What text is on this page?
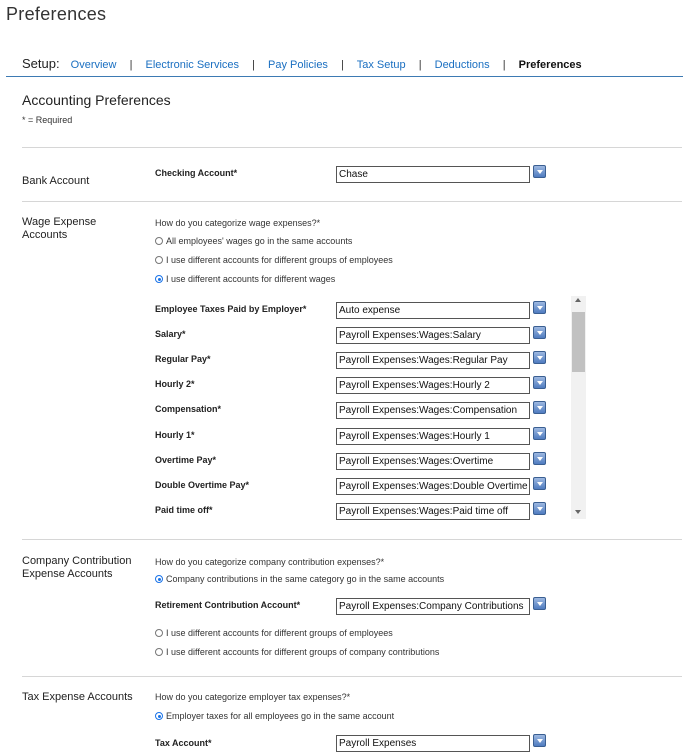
Preferences
Setup: Overview | Electronic Services | Pay Policies | Tax Setup | Deductions | Preferences
Accounting Preferences
* = Required
Bank Account
Checking Account*	Chase
Wage Expense
Accounts
How do you categorize wage expenses?*
All employees' wages go in the same accounts
I use different accounts for different groups of employees
I use different accounts for different wages
Employee Taxes Paid by Employer*	Auto expense
Salary*	Payroll Expenses:Wages:Salary
Regular Pay*	Payroll Expenses:Wages:Regular Pay
Hourly 2*	Payroll Expenses:Wages:Hourly 2
Compensation*	Payroll Expenses:Wages:Compensation
Hourly 1*	Payroll Expenses:Wages:Hourly 1
Overtime Pay*	Payroll Expenses:Wages:Overtime
Double Overtime Pay*	Payroll Expenses:Wages:Double Overtime
Paid time off*	Payroll Expenses:Wages:Paid time off
Company Contribution
Expense Accounts
How do you categorize company contribution expenses?*
Company contributions in the same category go in the same accounts
Retirement Contribution Account*	Payroll Expenses:Company Contributions
I use different accounts for different groups of employees
I use different accounts for different groups of company contributions
Tax Expense Accounts How do you categorize employer tax expenses?*
Employer taxes for all employees go in the same account
Tax Account*	Payroll Expenses
